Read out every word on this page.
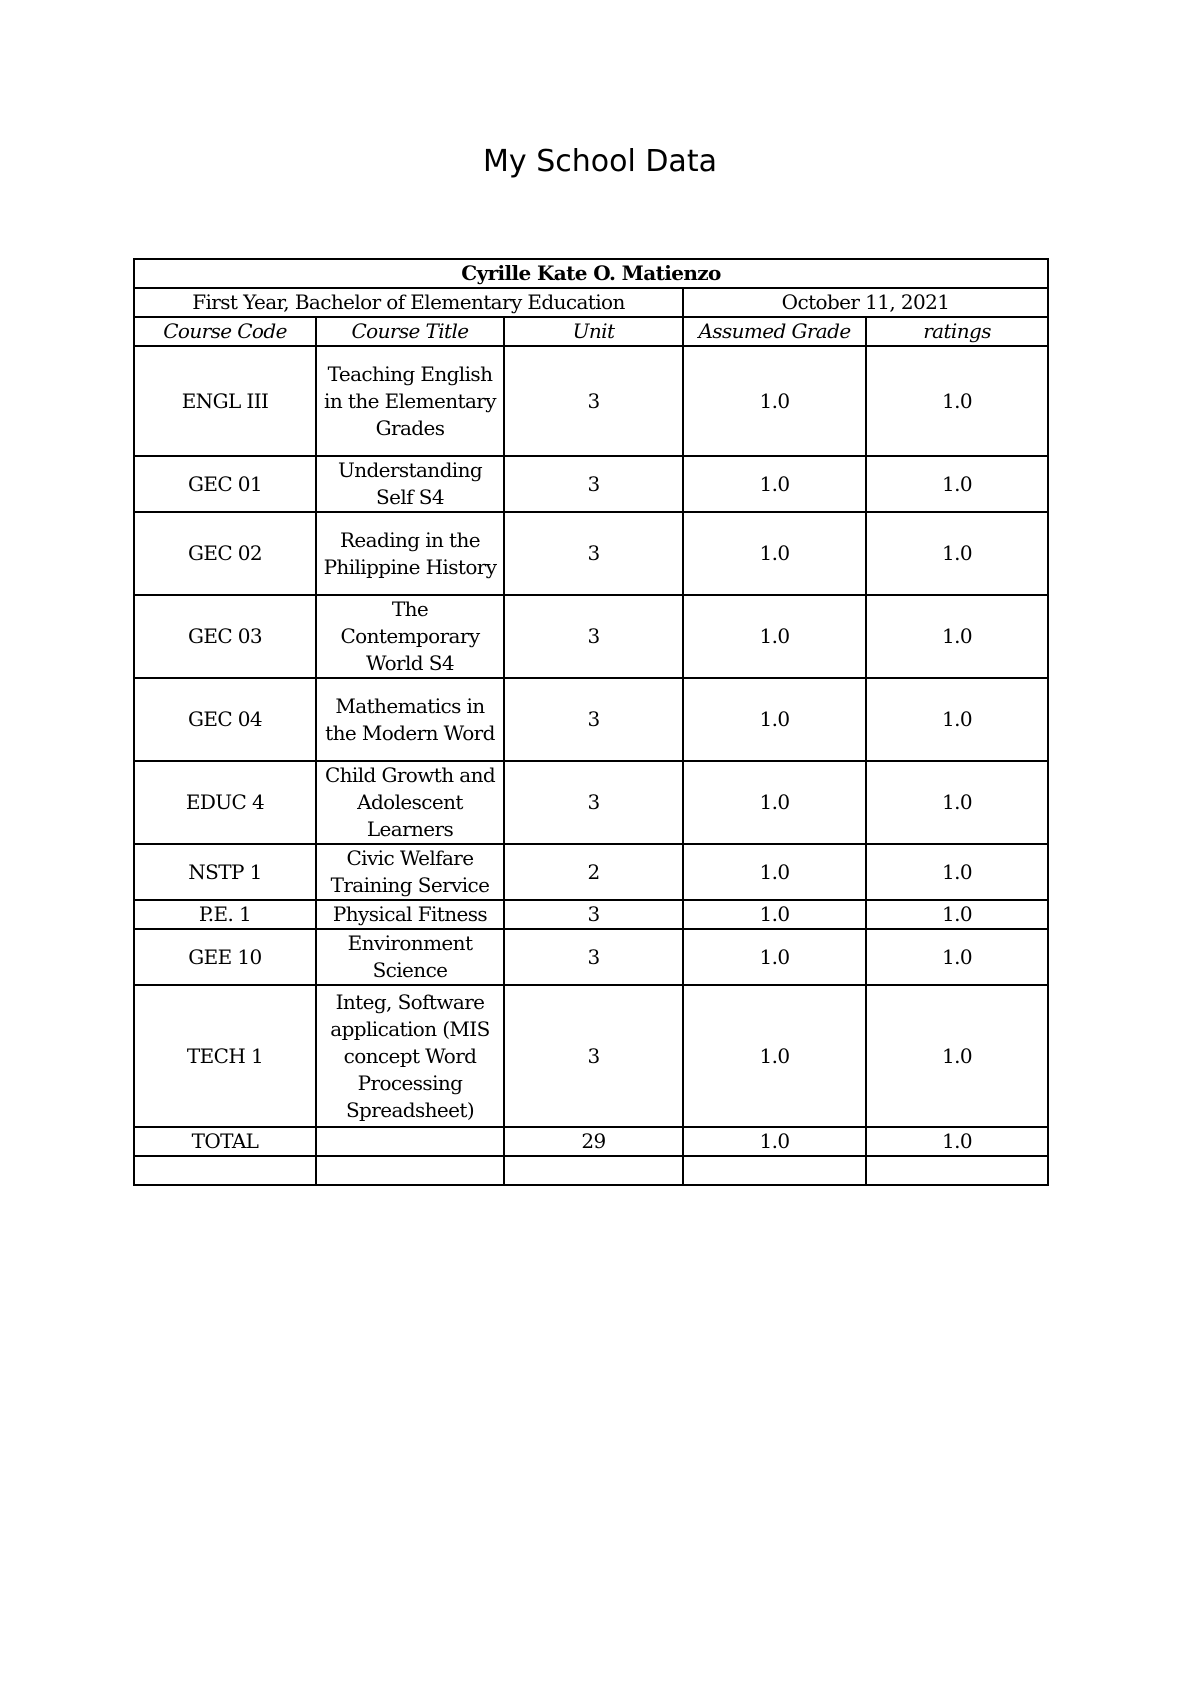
My School Data
Cyrille Kate O. Matienzo				
First Year, Bachelor of Elementary Education			October 11, 2021	
Course Code	Course Title	Unit	Assumed Grade	ratings
ENGL III	Teaching English in the Elementary Grades	3	1.0	1.0
GEC 01	Understanding Self S4	3	1.0	1.0
GEC 02	Reading in the Philippine History	3	1.0	1.0
GEC 03	The Contemporary World S4	3	1.0	1.0
GEC 04	Mathematics in the Modern Word	3	1.0	1.0
EDUC 4	Child Growth and Adolescent Learners	3	1.0	1.0
NSTP 1	Civic Welfare Training Service	2	1.0	1.0
P.E. 1	Physical Fitness	3	1.0	1.0
GEE 10	Environment Science	3	1.0	1.0
TECH 1	Integ, Software application (MIS concept Word Processing Spreadsheet)	3	1.0	1.0
TOTAL		29	1.0	1.0
